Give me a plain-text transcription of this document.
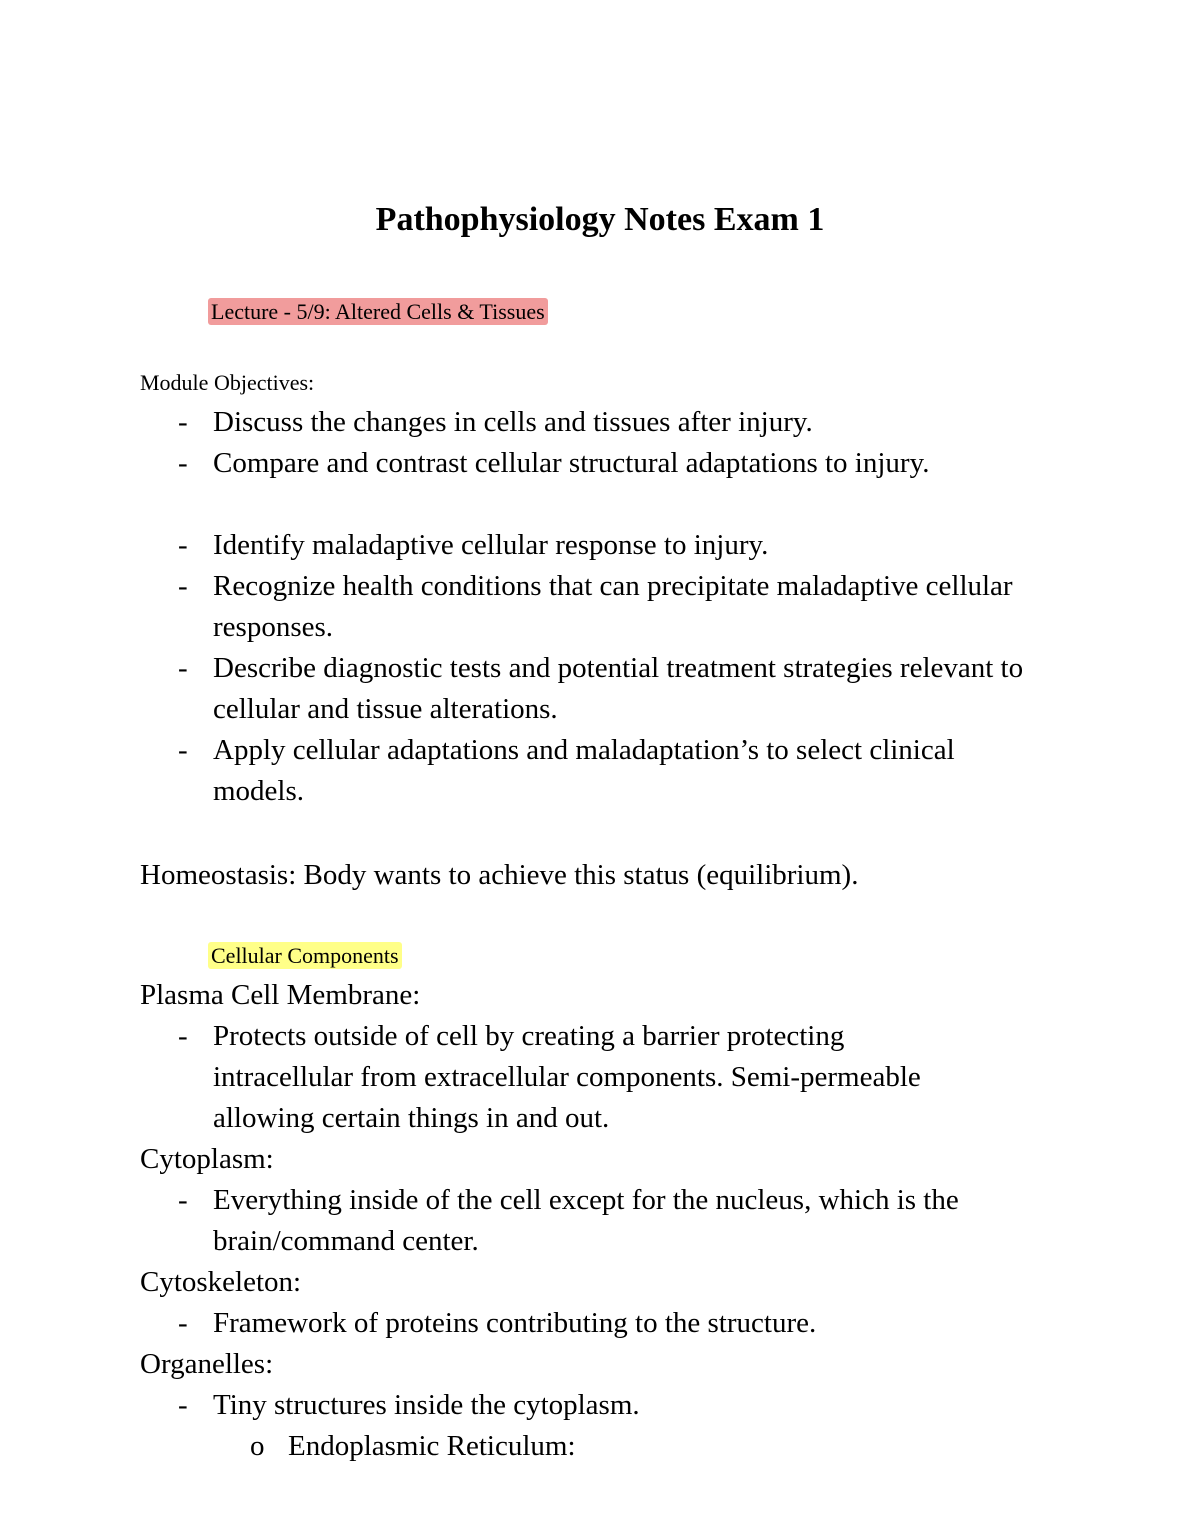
Pathophysiology Notes Exam 1
Lecture - 5/9: Altered Cells & Tissues
Module Objectives:
- Discuss the changes in cells and tissues after injury.
- Compare and contrast cellular structural adaptations to injury.
- Identify maladaptive cellular response to injury.
- Recognize health conditions that can precipitate maladaptive cellular responses.
- Describe diagnostic tests and potential treatment strategies relevant to cellular and tissue alterations.
- Apply cellular adaptations and maladaptation’s to select clinical models.
Homeostasis: Body wants to achieve this status (equilibrium).
Cellular Components
Plasma Cell Membrane:
- Protects outside of cell by creating a barrier protecting intracellular from extracellular components. Semi-permeable allowing certain things in and out.
Cytoplasm:
- Everything inside of the cell except for the nucleus, which is the brain/command center.
Cytoskeleton:
- Framework of proteins contributing to the structure.
Organelles:
- Tiny structures inside the cytoplasm.
o Endoplasmic Reticulum:
